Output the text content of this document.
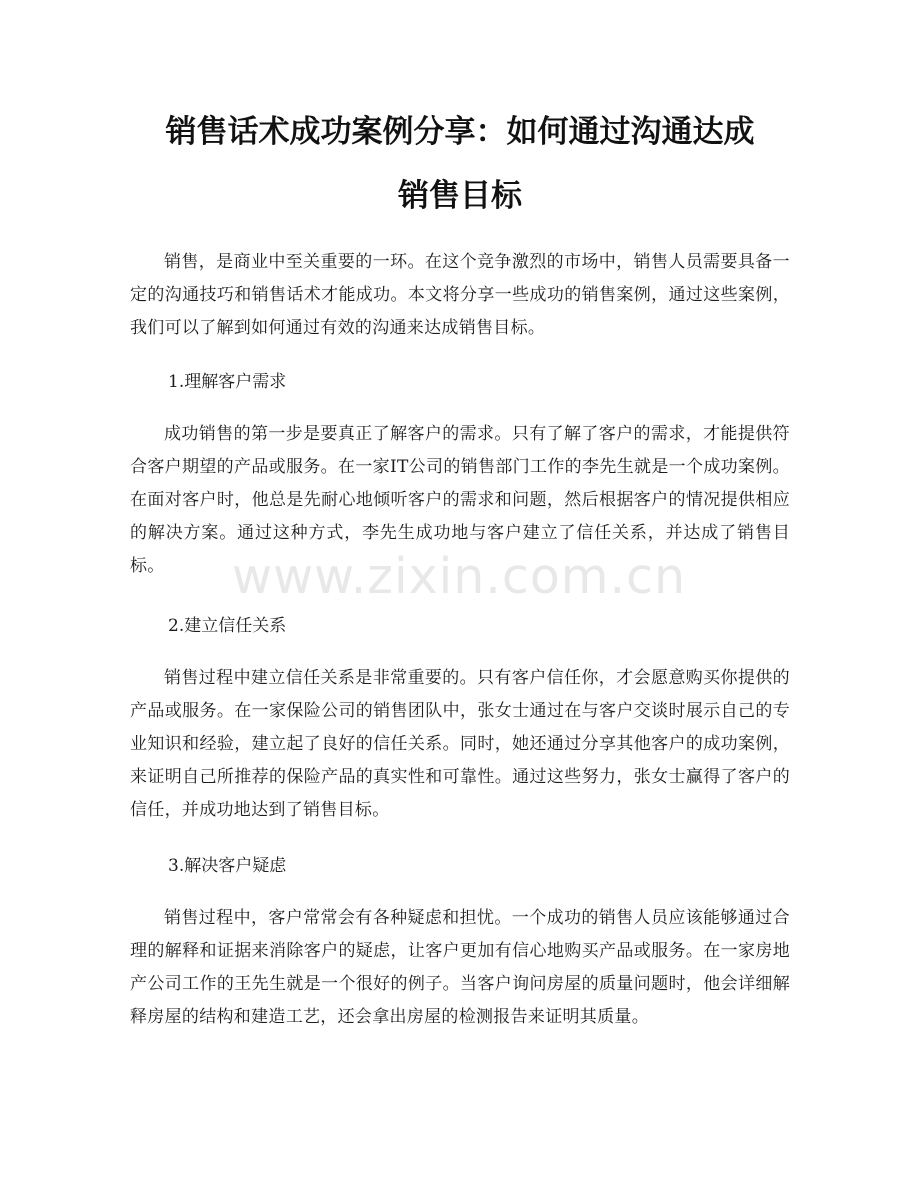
销售话术成功案例分享：如何通过沟通达成
销售目标

销售，是商业中至关重要的一环。在这个竞争激烈的市场中，销售人员需要具备一定的沟通技巧和销售话术才能成功。本文将分享一些成功的销售案例，通过这些案例，我们可以了解到如何通过有效的沟通来达成销售目标。

1.理解客户需求

成功销售的第一步是要真正了解客户的需求。只有了解了客户的需求，才能提供符合客户期望的产品或服务。在一家IT公司的销售部门工作的李先生就是一个成功案例。在面对客户时，他总是先耐心地倾听客户的需求和问题，然后根据客户的情况提供相应的解决方案。通过这种方式，李先生成功地与客户建立了信任关系，并达成了销售目标。

2.建立信任关系

销售过程中建立信任关系是非常重要的。只有客户信任你，才会愿意购买你提供的产品或服务。在一家保险公司的销售团队中，张女士通过在与客户交谈时展示自己的专业知识和经验，建立起了良好的信任关系。同时，她还通过分享其他客户的成功案例，来证明自己所推荐的保险产品的真实性和可靠性。通过这些努力，张女士赢得了客户的信任，并成功地达到了销售目标。

3.解决客户疑虑

销售过程中，客户常常会有各种疑虑和担忧。一个成功的销售人员应该能够通过合理的解释和证据来消除客户的疑虑，让客户更加有信心地购买产品或服务。在一家房地产公司工作的王先生就是一个很好的例子。当客户询问房屋的质量问题时，他会详细解释房屋的结构和建造工艺，还会拿出房屋的检测报告来证明其质量。

www.zixin.com.cn
